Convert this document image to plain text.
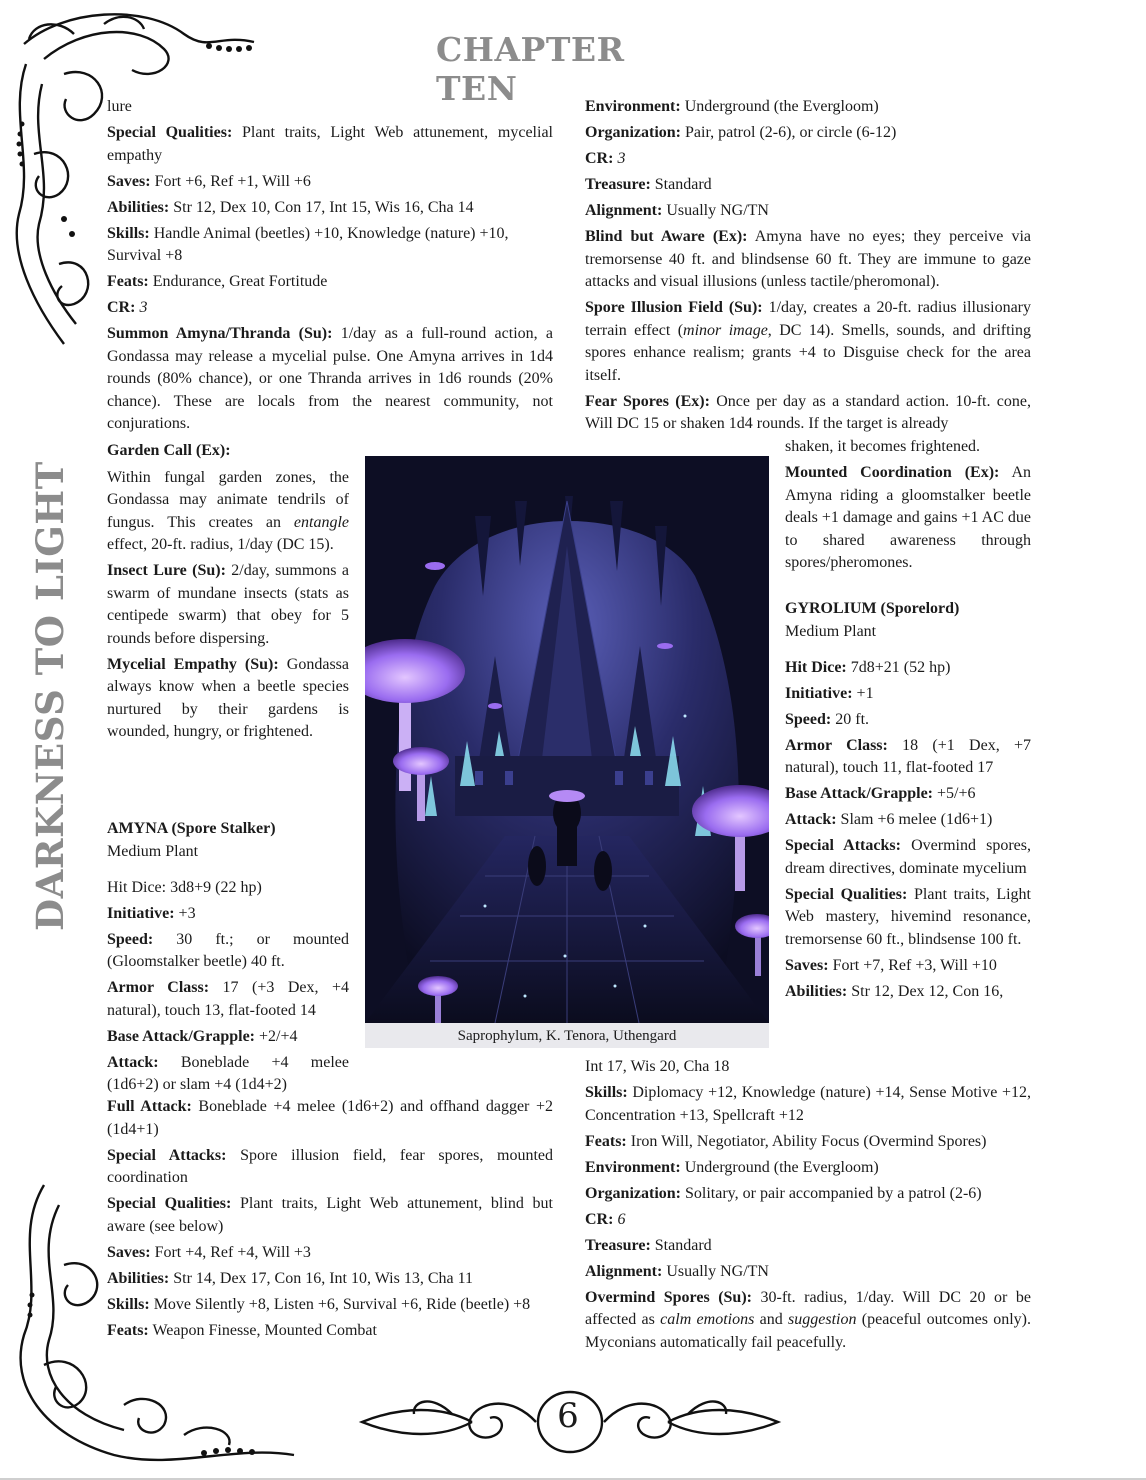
6
CHAPTER TEN
DARKNESS TO LIGHT

lure

Special Qualities: Plant traits, Light Web attunement, mycelial empathy

Saves: Fort +6, Ref +1, Will +6

Abilities: Str 12, Dex 10, Con 17, Int 15, Wis 16, Cha 14

Skills: Handle Animal (beetles) +10, Knowledge (nature) +10, Survival +8

Feats: Endurance, Great Fortitude

CR: 3

Summon Amyna/Thranda (Su): 1/day as a full-round action, a Gondassa may release a mycelial pulse. One Amyna arrives in 1d4 rounds (80% chance), or one Thranda arrives in 1d6 rounds (20% chance). These are locals from the nearest community, not conjurations.

Garden Call (Ex):

Within fungal garden zones, the Gondassa may animate tendrils of fungus. This creates an entangle effect, 20-ft. radius, 1/day (DC 15).

Insect Lure (Su): 2/day, summons a swarm of mundane insects (stats as centipede swarm) that obey for 5 rounds before dispersing.

Mycelial Empathy (Su): Gondassa always know when a beetle species nurtured by their gardens is wounded, hungry, or frightened.

AMYNA (Spore Stalker)

Medium Plant

Hit Dice: 3d8+9 (22 hp)

Initiative: +3

Speed: 30 ft.; or mounted (Gloomstalker beetle) 40 ft.

Armor Class: 17 (+3 Dex, +4 natural), touch 13, flat-footed 14

Base Attack/Grapple: +2/+4

Attack: Boneblade +4 melee (1d6+2) or slam +4 (1d4+2)

Full Attack: Boneblade +4 melee (1d6+2) and offhand dagger +2 (1d4+1)

Special Attacks: Spore illusion field, fear spores, mounted coordination

Special Qualities: Plant traits, Light Web attunement, blind but aware (see below)

Saves: Fort +4, Ref +4, Will +3

Abilities: Str 14, Dex 17, Con 16, Int 10, Wis 13, Cha 11

Skills: Move Silently +8, Listen +6, Survival +6, Ride (beetle) +8

Feats: Weapon Finesse, Mounted Combat

Environment: Underground (the Evergloom)

Organization: Pair, patrol (2-6), or circle (6-12)

CR: 3

Treasure: Standard

Alignment: Usually NG/TN

Blind but Aware (Ex): Amyna have no eyes; they perceive via tremorsense 40 ft. and blindsense 60 ft. They are immune to gaze attacks and visual illusions (unless tactile/pheromonal).

Spore Illusion Field (Su): 1/day, creates a 20-ft. radius illusionary terrain effect (minor image, DC 14). Smells, sounds, and drifting spores enhance realism; grants +4 to Disguise check for the area itself.

Fear Spores (Ex): Once per day as a standard action. 10-ft. cone, Will DC 15 or shaken 1d4 rounds. If the target is already

shaken, it becomes frightened.

Mounted Coordination (Ex): An Amyna riding a gloomstalker beetle deals +1 damage and gains +1 AC due to shared awareness through spores/pheromones.

GYROLIUM (Sporelord)

Medium Plant

Hit Dice: 7d8+21 (52 hp)

Initiative: +1

Speed: 20 ft.

Armor Class: 18 (+1 Dex, +7 natural), touch 11, flat-footed 17

Base Attack/Grapple: +5/+6

Attack: Slam +6 melee (1d6+1)

Special Attacks: Overmind spores, dream directives, dominate mycelium

Special Qualities: Plant traits, Light Web mastery, hivemind resonance, tremorsense 60 ft., blindsense 100 ft.

Saves: Fort +7, Ref +3, Will +10

Abilities: Str 12, Dex 12, Con 16,

Int 17, Wis 20, Cha 18

Skills: Diplomacy +12, Knowledge (nature) +14, Sense Motive +12, Concentration +13, Spellcraft +12

Feats: Iron Will, Negotiator, Ability Focus (Overmind Spores)

Environment: Underground (the Evergloom)

Organization: Solitary, or pair accompanied by a patrol (2-6)

CR: 6

Treasure: Standard

Alignment: Usually NG/TN

Overmind Spores (Su): 30-ft. radius, 1/day. Will DC 20 or be affected as calm emotions and suggestion (peaceful outcomes only). Myconians automatically fail peacefully.

Saprophylum, K. Tenora, Uthengard
